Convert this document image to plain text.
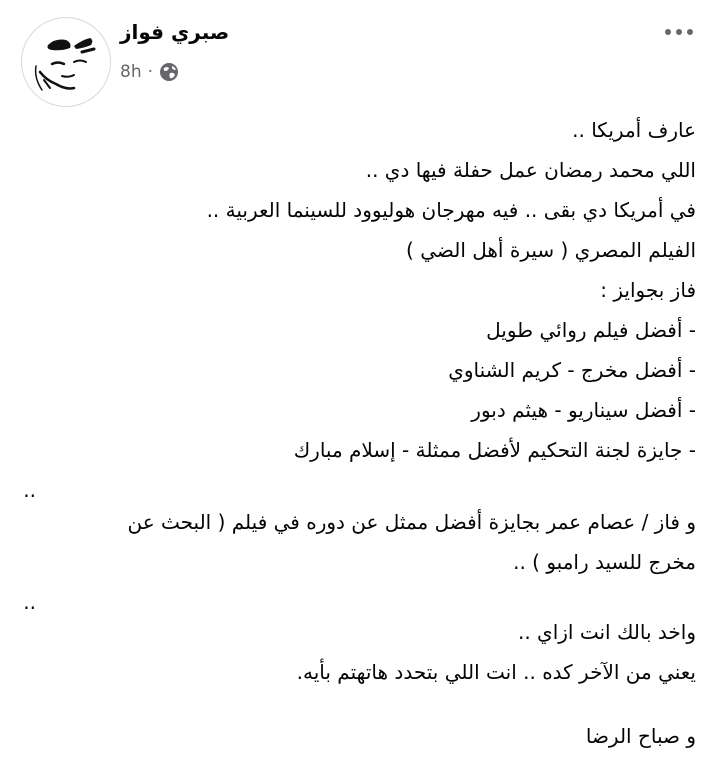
صبري فواز
8h ·
عارف أمريكا ..
اللي محمد رمضان عمل حفلة فيها دي ..
في أمريكا دي بقى .. فيه مهرجان هوليوود للسينما العربية ..
الفيلم المصري ( سيرة أهل الضي )
فاز بجوايز :
- أفضل فيلم روائي طويل
- أفضل مخرج - كريم الشناوي
- أفضل سيناريو - هيثم دبور
- جايزة لجنة التحكيم لأفضل ممثلة - إسلام مبارك
..
و فاز / عصام عمر بجايزة أفضل ممثل عن دوره في فيلم ( البحث عن
مخرج للسيد رامبو ) ..
..
واخد بالك انت ازاي ..
يعني من الآخر كده .. انت اللي بتحدد هاتهتم بأيه.
و صباح الرضا
